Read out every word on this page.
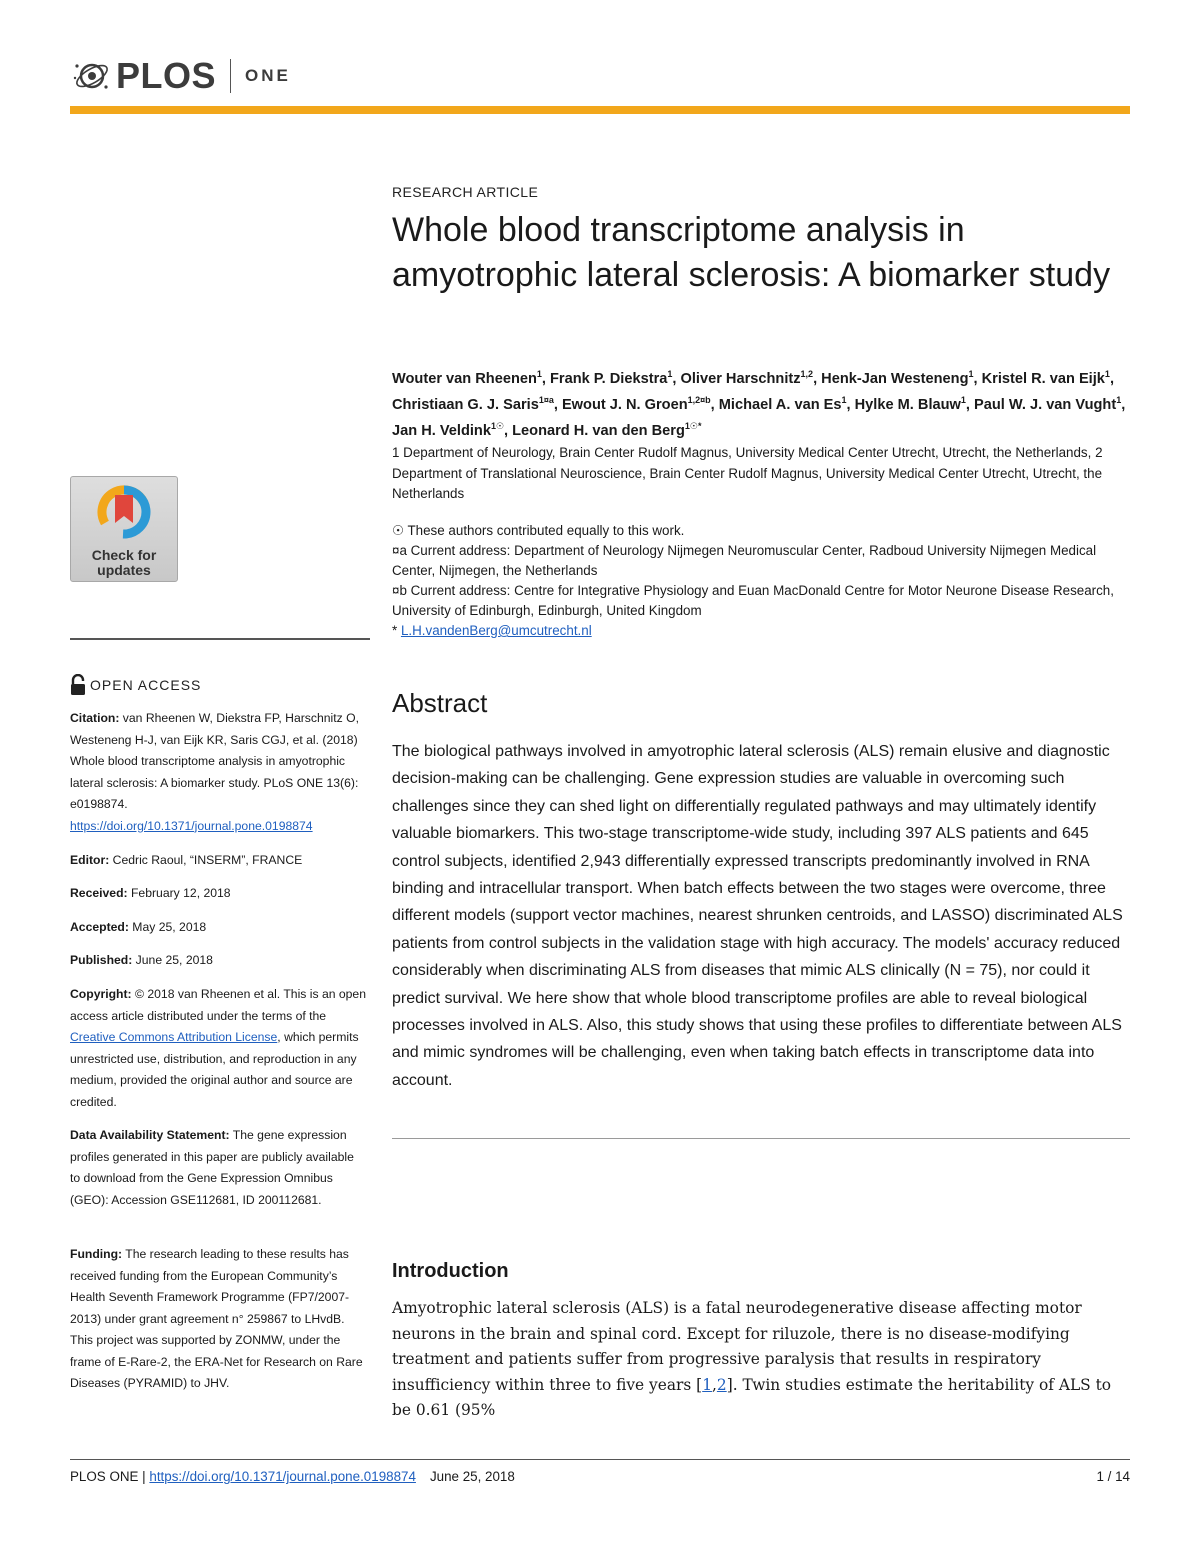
PLOS ONE
Check for
updates
OPEN ACCESS
Citation: van Rheenen W, Diekstra FP, Harschnitz O, Westeneng H-J, van Eijk KR, Saris CGJ, et al. (2018) Whole blood transcriptome analysis in amyotrophic lateral sclerosis: A biomarker study. PLoS ONE 13(6): e0198874. https://doi.org/10.1371/journal.pone.0198874
Editor: Cedric Raoul, “INSERM”, FRANCE
Received: February 12, 2018
Accepted: May 25, 2018
Published: June 25, 2018
Copyright: © 2018 van Rheenen et al. This is an open access article distributed under the terms of the Creative Commons Attribution License, which permits unrestricted use, distribution, and reproduction in any medium, provided the original author and source are credited.
Data Availability Statement: The gene expression profiles generated in this paper are publicly available to download from the Gene Expression Omnibus (GEO): Accession GSE112681, ID 200112681.
Funding: The research leading to these results has received funding from the European Community’s Health Seventh Framework Programme (FP7/2007-2013) under grant agreement n° 259867 to LHvdB. This project was supported by ZONMW, under the frame of E-Rare-2, the ERA-Net for Research on Rare Diseases (PYRAMID) to JHV.
RESEARCH ARTICLE
Whole blood transcriptome analysis in amyotrophic lateral sclerosis: A biomarker study
Wouter van Rheenen$^1$, Frank P. Diekstra$^1$, Oliver Harschnitz$^{1,2}$, Henk-Jan Westeneng$^1$, Kristel R. van Eijk$^1$, Christiaan G. J. Saris$^{1¤a}$, Ewout J. N. Groen$^{1,2¤b}$, Michael A. van Es$^1$, Hylke M. Blauw$^1$, Paul W. J. van Vught$^1$, Jan H. Veldink$^{1☉}$, Leonard H. van den Berg$^{1☉*}$
1 Department of Neurology, Brain Center Rudolf Magnus, University Medical Center Utrecht, Utrecht, the Netherlands, 2 Department of Translational Neuroscience, Brain Center Rudolf Magnus, University Medical Center Utrecht, Utrecht, the Netherlands
☉ These authors contributed equally to this work.
¤a Current address: Department of Neurology Nijmegen Neuromuscular Center, Radboud University Nijmegen Medical Center, Nijmegen, the Netherlands
¤b Current address: Centre for Integrative Physiology and Euan MacDonald Centre for Motor Neurone Disease Research, University of Edinburgh, Edinburgh, United Kingdom
* L.H.vandenBerg@umcutrecht.nl
Abstract
The biological pathways involved in amyotrophic lateral sclerosis (ALS) remain elusive and diagnostic decision-making can be challenging. Gene expression studies are valuable in overcoming such challenges since they can shed light on differentially regulated pathways and may ultimately identify valuable biomarkers. This two-stage transcriptome-wide study, including 397 ALS patients and 645 control subjects, identified 2,943 differentially expressed transcripts predominantly involved in RNA binding and intracellular transport. When batch effects between the two stages were overcome, three different models (support vector machines, nearest shrunken centroids, and LASSO) discriminated ALS patients from control subjects in the validation stage with high accuracy. The models' accuracy reduced considerably when discriminating ALS from diseases that mimic ALS clinically (N = 75), nor could it predict survival. We here show that whole blood transcriptome profiles are able to reveal biological processes involved in ALS. Also, this study shows that using these profiles to differentiate between ALS and mimic syndromes will be challenging, even when taking batch effects in transcriptome data into account.
Introduction
Amyotrophic lateral sclerosis (ALS) is a fatal neurodegenerative disease affecting motor neurons in the brain and spinal cord. Except for riluzole, there is no disease-modifying treatment and patients suffer from progressive paralysis that results in respiratory insufficiency within three to five years [1,2]. Twin studies estimate the heritability of ALS to be 0.61 (95%
PLOS ONE | https://doi.org/10.1371/journal.pone.0198874 June 25, 2018	1 / 14
